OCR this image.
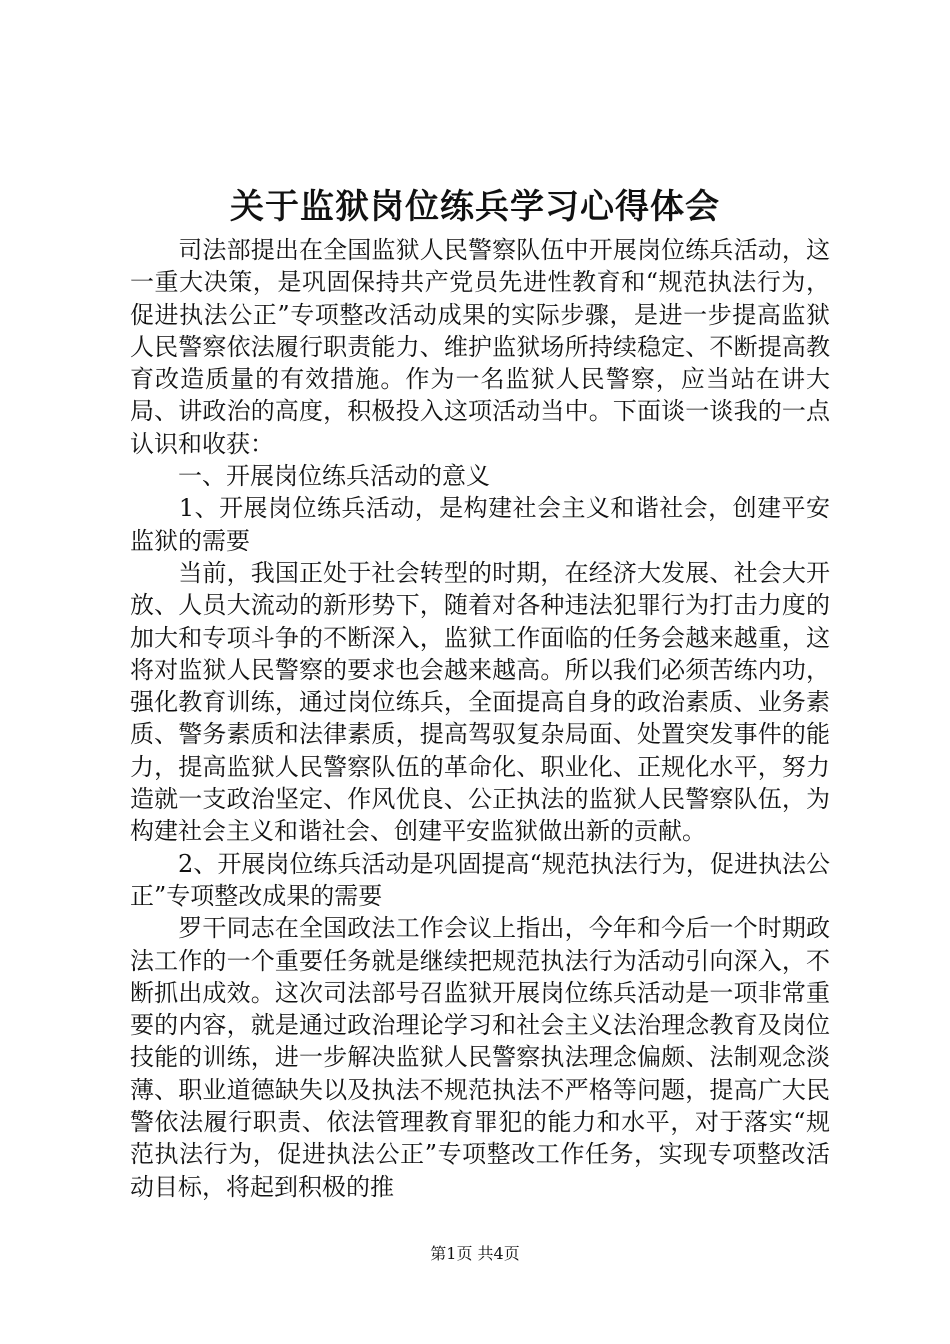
关于监狱岗位练兵学习心得体会

　　司法部提出在全国监狱人民警察队伍中开展岗位练兵活动，这一重大决策，是巩固保持共产党员先进性教育和“规范执法行为，促进执法公正”专项整改活动成果的实际步骤，是进一步提高监狱人民警察依法履行职责能力、维护监狱场所持续稳定、不断提高教育改造质量的有效措施。作为一名监狱人民警察，应当站在讲大局、讲政治的高度，积极投入这项活动当中。下面谈一谈我的一点认识和收获：

　　一、开展岗位练兵活动的意义

　　1、开展岗位练兵活动，是构建社会主义和谐社会，创建平安监狱的需要

　　当前，我国正处于社会转型的时期，在经济大发展、社会大开放、人员大流动的新形势下，随着对各种违法犯罪行为打击力度的加大和专项斗争的不断深入，监狱工作面临的任务会越来越重，这将对监狱人民警察的要求也会越来越高。所以我们必须苦练内功，强化教育训练，通过岗位练兵，全面提高自身的政治素质、业务素质、警务素质和法律素质，提高驾驭复杂局面、处置突发事件的能力，提高监狱人民警察队伍的革命化、职业化、正规化水平，努力造就一支政治坚定、作风优良、公正执法的监狱人民警察队伍，为构建社会主义和谐社会、创建平安监狱做出新的贡献。

　　2、开展岗位练兵活动是巩固提高“规范执法行为，促进执法公正”专项整改成果的需要

　　罗干同志在全国政法工作会议上指出，今年和今后一个时期政法工作的一个重要任务就是继续把规范执法行为活动引向深入，不断抓出成效。这次司法部号召监狱开展岗位练兵活动是一项非常重要的内容，就是通过政治理论学习和社会主义法治理念教育及岗位技能的训练，进一步解决监狱人民警察执法理念偏颇、法制观念淡薄、职业道德缺失以及执法不规范执法不严格等问题，提高广大民警依法履行职责、依法管理教育罪犯的能力和水平，对于落实“规范执法行为，促进执法公正”专项整改工作任务，实现专项整改活动目标，将起到积极的推

第1页 共4页
